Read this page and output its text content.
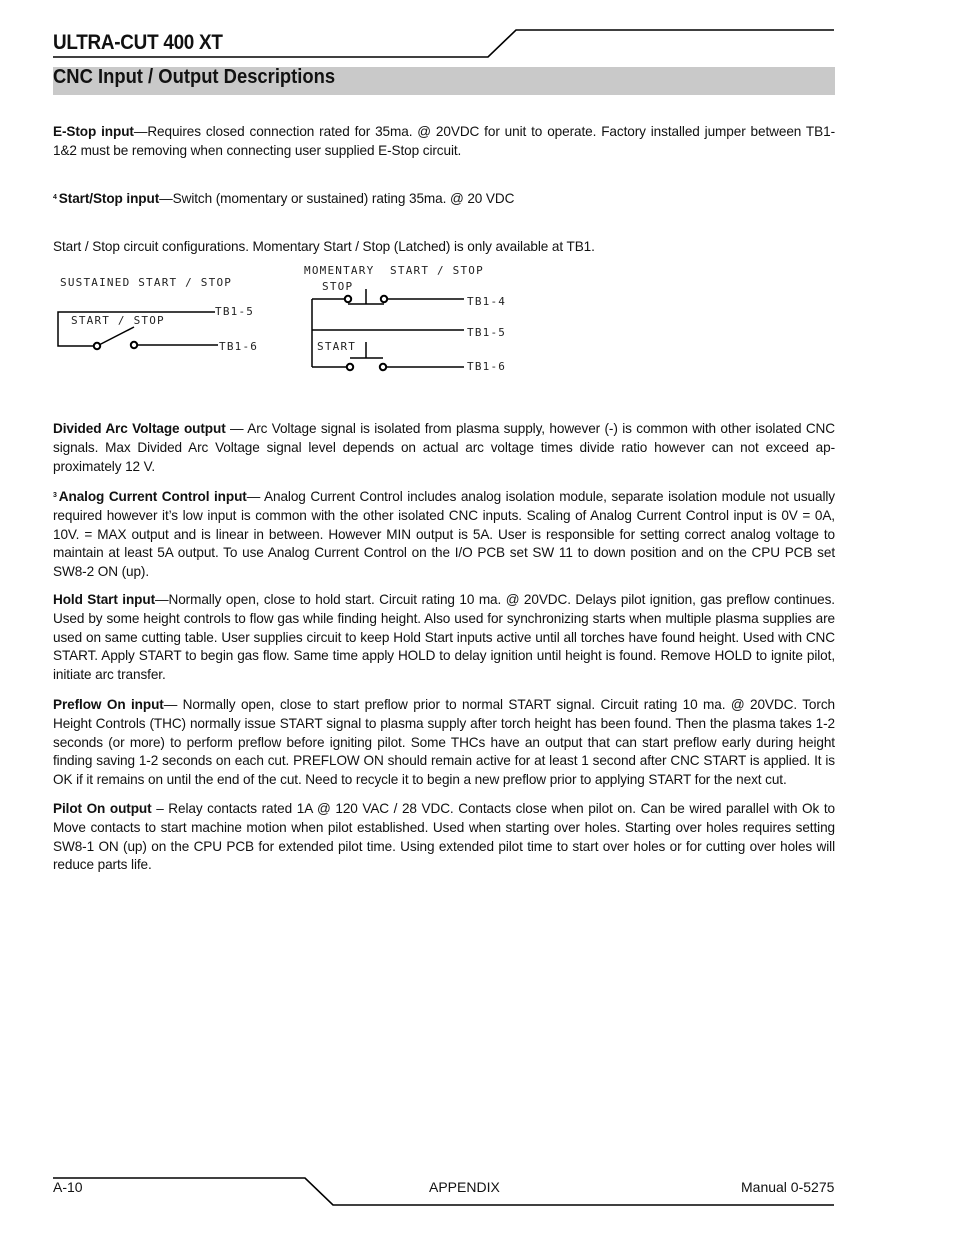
ULTRA-CUT 400 XT
CNC Input / Output Descriptions
E-Stop input—Requires closed connection rated for 35ma. @ 20VDC for unit to operate. Factory installed jumper between TB1-1&2 must be removing when connecting user supplied E-Stop circuit.
$^4$ Start/Stop input—Switch (momentary or sustained) rating 35ma. @ 20 VDC
Start / Stop circuit configurations. Momentary Start / Stop (Latched) is only available at TB1.
SUSTAINED START / STOP
START / STOP
TB1-5
TB1-6
MOMENTARY  START / STOP
STOP
START
TB1-4
TB1-5
TB1-6
Divided Arc Voltage output — Arc Voltage signal is isolated from plasma supply, however (-) is common with other isolated CNC signals. Max Divided Arc Voltage signal level depends on actual arc voltage times divide ratio however can not exceed ap-proximately 12 V.
$^3$ Analog Current Control input— Analog Current Control includes analog isolation module, separate isolation module not usually required however it’s low input is common with the other isolated CNC inputs. Scaling of Analog Current Control input is 0V = 0A, 10V. = MAX output and is linear in between. However MIN output is 5A. User is responsible for setting correct analog voltage to maintain at least 5A output. To use Analog Current Control on the I/O PCB set SW 11 to down position and on the CPU PCB set SW8-2 ON (up).
Hold Start input—Normally open, close to hold start. Circuit rating 10 ma. @ 20VDC. Delays pilot ignition, gas preflow continues. Used by some height controls to flow gas while finding height. Also used for synchronizing starts when multiple plasma supplies are used on same cutting table. User supplies circuit to keep Hold Start inputs active until all torches have found height. Used with CNC START. Apply START to begin gas flow. Same time apply HOLD to delay ignition until height is found. Remove HOLD to ignite pilot, initiate arc transfer.
Preflow On input— Normally open, close to start preflow prior to normal START signal. Circuit rating 10 ma. @ 20VDC. Torch Height Controls (THC) normally issue START signal to plasma supply after torch height has been found. Then the plasma takes 1-2 seconds (or more) to perform preflow before igniting pilot. Some THCs have an output that can start preflow early during height finding saving 1-2 seconds on each cut. PREFLOW ON should remain active for at least 1 second after CNC START is applied. It is OK if it remains on until the end of the cut. Need to recycle it to begin a new preflow prior to applying START for the next cut.
Pilot On output – Relay contacts rated 1A @ 120 VAC / 28 VDC. Contacts close when pilot on. Can be wired parallel with Ok to Move contacts to start machine motion when pilot established. Used when starting over holes. Starting over holes requires setting SW8-1 ON (up) on the CPU PCB for extended pilot time. Using extended pilot time to start over holes or for cutting over holes will reduce parts life.
A-10	APPENDIX	Manual 0-5275
